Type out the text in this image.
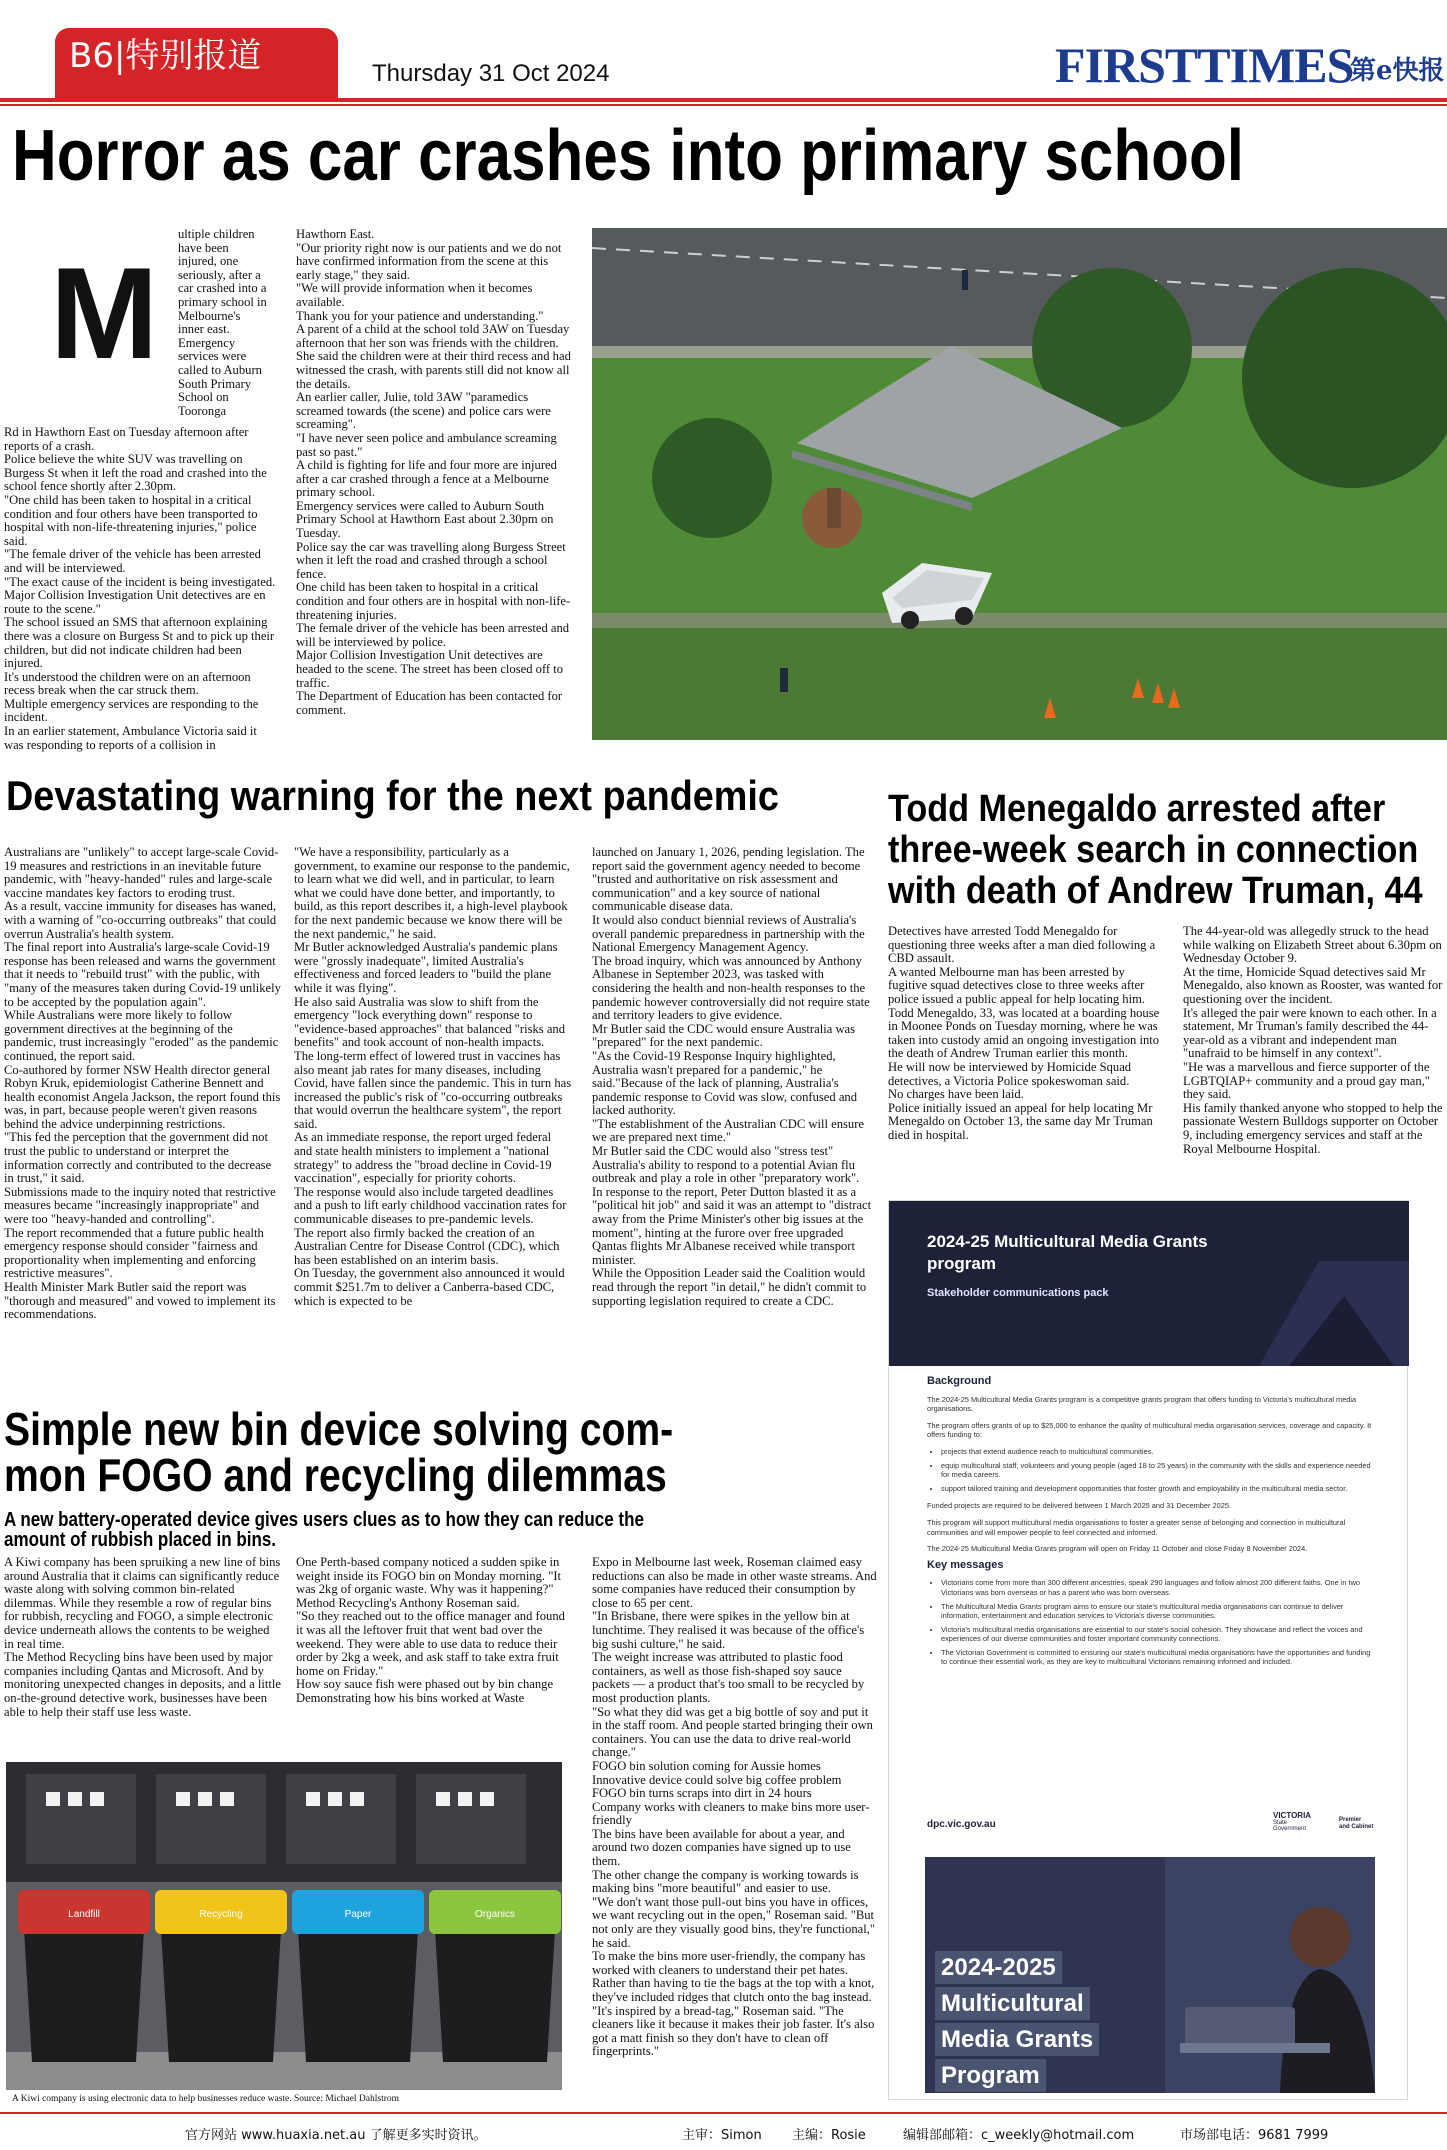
B6|特别报道	Thursday 31 Oct 2024	FIRSTTIMES
第e快报
Horror as car crashes into primary school
M

ultiple children have been injured, one seriously, after a car crashed into a primary school in Melbourne's inner east. Emergency services were called to Auburn South Primary School on Tooronga

Rd in Hawthorn East on Tuesday afternoon after reports of a crash.

Police believe the white SUV was travelling on Burgess St when it left the road and crashed into the school fence shortly after 2.30pm.

"One child has been taken to hospital in a critical condition and four others have been transported to hospital with non-life-threatening injuries," police said.

"The female driver of the vehicle has been arrested and will be interviewed.

"The exact cause of the incident is being investigated. Major Collision Investigation Unit detectives are en route to the scene."

The school issued an SMS that afternoon explaining there was a closure on Burgess St and to pick up their children, but did not indicate children had been injured.

It's understood the children were on an afternoon recess break when the car struck them.

Multiple emergency services are responding to the incident.

In an earlier statement, Ambulance Victoria said it was responding to reports of a collision in

Hawthorn East.

"Our priority right now is our patients and we do not have confirmed information from the scene at this early stage," they said.

"We will provide information when it becomes available.

Thank you for your patience and understanding."

A parent of a child at the school told 3AW on Tuesday afternoon that her son was friends with the children.

She said the children were at their third recess and had witnessed the crash, with parents still did not know all the details.

An earlier caller, Julie, told 3AW "paramedics screamed towards (the scene) and police cars were screaming".

"I have never seen police and ambulance screaming past so past."

A child is fighting for life and four more are injured after a car crashed through a fence at a Melbourne primary school.

Emergency services were called to Auburn South Primary School at Hawthorn East about 2.30pm on Tuesday.

Police say the car was travelling along Burgess Street when it left the road and crashed through a school fence.

One child has been taken to hospital in a critical condition and four others are in hospital with non-life-threatening injuries.

The female driver of the vehicle has been arrested and will be interviewed by police.

Major Collision Investigation Unit detectives are headed to the scene. The street has been closed off to traffic.

The Department of Education has been contacted for comment.

Devastating warning for the next pandemic

Australians are "unlikely" to accept large-scale Covid-19 measures and restrictions in an inevitable future pandemic, with "heavy-handed" rules and large-scale vaccine mandates key factors to eroding trust.

As a result, vaccine immunity for diseases has waned, with a warning of "co-occurring outbreaks" that could overrun Australia's health system.

The final report into Australia's large-scale Covid-19 response has been released and warns the government that it needs to "rebuild trust" with the public, with "many of the measures taken during Covid-19 unlikely to be accepted by the population again".

While Australians were more likely to follow government directives at the beginning of the pandemic, trust increasingly "eroded" as the pandemic continued, the report said.

Co-authored by former NSW Health director general Robyn Kruk, epidemiologist Catherine Bennett and health economist Angela Jackson, the report found this was, in part, because people weren't given reasons behind the advice underpinning restrictions.

"This fed the perception that the government did not trust the public to understand or interpret the information correctly and contributed to the decrease in trust," it said.

Submissions made to the inquiry noted that restrictive measures became "increasingly inappropriate" and were too "heavy-handed and controlling".

The report recommended that a future public health emergency response should consider "fairness and proportionality when implementing and enforcing restrictive measures".

Health Minister Mark Butler said the report was "thorough and measured" and vowed to implement its recommendations.

"We have a responsibility, particularly as a government, to examine our response to the pandemic, to learn what we did well, and in particular, to learn what we could have done better, and importantly, to build, as this report describes it, a high-level playbook for the next pandemic because we know there will be the next pandemic," he said.

Mr Butler acknowledged Australia's pandemic plans were "grossly inadequate", limited Australia's effectiveness and forced leaders to "build the plane while it was flying".

He also said Australia was slow to shift from the emergency "lock everything down" response to "evidence-based approaches" that balanced "risks and benefits" and took account of non-health impacts.

The long-term effect of lowered trust in vaccines has also meant jab rates for many diseases, including Covid, have fallen since the pandemic. This in turn has increased the public's risk of "co-occurring outbreaks that would overrun the healthcare system", the report said.

As an immediate response, the report urged federal and state health ministers to implement a "national strategy" to address the "broad decline in Covid-19 vaccination", especially for priority cohorts.

The response would also include targeted deadlines and a push to lift early childhood vaccination rates for communicable diseases to pre-pandemic levels.

The report also firmly backed the creation of an Australian Centre for Disease Control (CDC), which has been established on an interim basis.

On Tuesday, the government also announced it would commit $251.7m to deliver a Canberra-based CDC, which is expected to be

launched on January 1, 2026, pending legislation. The report said the government agency needed to become "trusted and authoritative on risk assessment and communication" and a key source of national communicable disease data.

It would also conduct biennial reviews of Australia's overall pandemic preparedness in partnership with the National Emergency Management Agency.

The broad inquiry, which was announced by Anthony Albanese in September 2023, was tasked with considering the health and non-health responses to the pandemic however controversially did not require state and territory leaders to give evidence.

Mr Butler said the CDC would ensure Australia was "prepared" for the next pandemic.

"As the Covid-19 Response Inquiry highlighted, Australia wasn't prepared for a pandemic," he said."Because of the lack of planning, Australia's pandemic response to Covid was slow, confused and lacked authority.

"The establishment of the Australian CDC will ensure we are prepared next time."

Mr Butler said the CDC would also "stress test" Australia's ability to respond to a potential Avian flu outbreak and play a role in other "preparatory work".

In response to the report, Peter Dutton blasted it as a "political hit job" and said it was an attempt to "distract away from the Prime Minister's other big issues at the moment", hinting at the furore over free upgraded Qantas flights Mr Albanese received while transport minister.

While the Opposition Leader said the Coalition would read through the report "in detail," he didn't commit to supporting legislation required to create a CDC.

Todd Menegaldo arrested after
three-week search in connection
with death of Andrew Truman, 44

Detectives have arrested Todd Menegaldo for questioning three weeks after a man died following a CBD assault.

A wanted Melbourne man has been arrested by fugitive squad detectives close to three weeks after police issued a public appeal for help locating him.

Todd Menegaldo, 33, was located at a boarding house in Moonee Ponds on Tuesday morning, where he was taken into custody amid an ongoing investigation into the death of Andrew Truman earlier this month.

He will now be interviewed by Homicide Squad detectives, a Victoria Police spokeswoman said.

No charges have been laid.

Police initially issued an appeal for help locating Mr Menegaldo on October 13, the same day Mr Truman died in hospital.

The 44-year-old was allegedly struck to the head while walking on Elizabeth Street about 6.30pm on Wednesday October 9.

At the time, Homicide Squad detectives said Mr Menegaldo, also known as Rooster, was wanted for questioning over the incident.

It's alleged the pair were known to each other. In a statement, Mr Truman's family described the 44-year-old as a vibrant and independent man "unafraid to be himself in any context".

"He was a marvellous and fierce supporter of the LGBTQIAP+ community and a proud gay man," they said.

His family thanked anyone who stopped to help the passionate Western Bulldogs supporter on October 9, including emergency services and staff at the Royal Melbourne Hospital.

2024-25 Multicultural Media Grants program
Stakeholder communications pack
Background

The 2024-25 Multicultural Media Grants program is a competitive grants program that offers funding to Victoria's multicultural media organisations.

The program offers grants of up to $25,000 to enhance the quality of multicultural media organisation services, coverage and capacity. It offers funding to:

• projects that extend audience reach to multicultural communities.
• equip multicultural staff, volunteers and young people (aged 18 to 25 years) in the community with the skills and experience needed for media careers.
• support tailored training and development opportunities that foster growth and employability in the multicultural media sector.

Funded projects are required to be delivered between 1 March 2025 and 31 December 2025.

This program will support multicultural media organisations to foster a greater sense of belonging and connection in multicultural communities and will empower people to feel connected and informed.

The 2024-25 Multicultural Media Grants program will open on Friday 11 October and close Friday 8 November 2024.

Key messages
• Victorians come from more than 300 different ancestries, speak 290 languages and follow almost 200 different faiths. One in two Victorians was born overseas or has a parent who was born overseas.
• The Multicultural Media Grants program aims to ensure our state's multicultural media organisations can continue to deliver information, entertainment and education services to Victoria's diverse communities.
• Victoria's multicultural media organisations are essential to our state's social cohesion. They showcase and reflect the voices and experiences of our diverse communities and foster important community connections.
• The Victorian Government is committed to ensuring our state's multicultural media organisations have the opportunities and funding to continue their essential work, as they are key to multicultural Victorians remaining informed and included.
dpc.vic.gov.au
VICTORIA
State
Government
Premier
and Cabinet
2024-2025
Multicultural
Media Grants
Program
Simple new bin device solving com-
mon FOGO and recycling dilemmas
A new battery-operated device gives users clues as to how they can reduce the
amount of rubbish placed in bins.

A Kiwi company has been spruiking a new line of bins around Australia that it claims can significantly reduce waste along with solving common bin-related dilemmas. While they resemble a row of regular bins for rubbish, recycling and FOGO, a simple electronic device underneath allows the contents to be weighed in real time.

The Method Recycling bins have been used by major companies including Qantas and Microsoft. And by monitoring unexpected changes in deposits, and a little on-the-ground detective work, businesses have been able to help their staff use less waste.

One Perth-based company noticed a sudden spike in weight inside its FOGO bin on Monday morning. "It was 2kg of organic waste. Why was it happening?" Method Recycling's Anthony Roseman said.

"So they reached out to the office manager and found it was all the leftover fruit that went bad over the weekend. They were able to use data to reduce their order by 2kg a week, and ask staff to take extra fruit home on Friday."

How soy sauce fish were phased out by bin change

Demonstrating how his bins worked at Waste

Expo in Melbourne last week, Roseman claimed easy reductions can also be made in other waste streams. And some companies have reduced their consumption by close to 65 per cent.

"In Brisbane, there were spikes in the yellow bin at lunchtime. They realised it was because of the office's big sushi culture," he said.

The weight increase was attributed to plastic food containers, as well as those fish-shaped soy sauce packets — a product that's too small to be recycled by most production plants.

"So what they did was get a big bottle of soy and put it in the staff room. And people started bringing their own containers. You can use the data to drive real-world change."

FOGO bin solution coming for Aussie homes

Innovative device could solve big coffee problem

FOGO bin turns scraps into dirt in 24 hours

Company works with cleaners to make bins more user-friendly

The bins have been available for about a year, and around two dozen companies have signed up to use them.

The other change the company is working towards is making bins "more beautiful" and easier to use.

"We don't want those pull-out bins you have in offices, we want recycling out in the open," Roseman said. "But not only are they visually good bins, they're functional," he said.

To make the bins more user-friendly, the company has worked with cleaners to understand their pet hates. Rather than having to tie the bags at the top with a knot, they've included ridges that clutch onto the bag instead.

"It's inspired by a bread-tag," Roseman said. "The cleaners like it because it makes their job faster. It's also got a matt finish so they don't have to clean off fingerprints."

Landfill	Recycling	Paper	Organics
A Kiwi company is using electronic data to help businesses reduce waste. Source: Michael Dahlstrom
官方网站 www.huaxia.net.au 了解更多实时资讯。	主审：Simon 主编：Rosie	编辑部邮箱：c_weekly@hotmail.com	市场部电话：9681 7999
